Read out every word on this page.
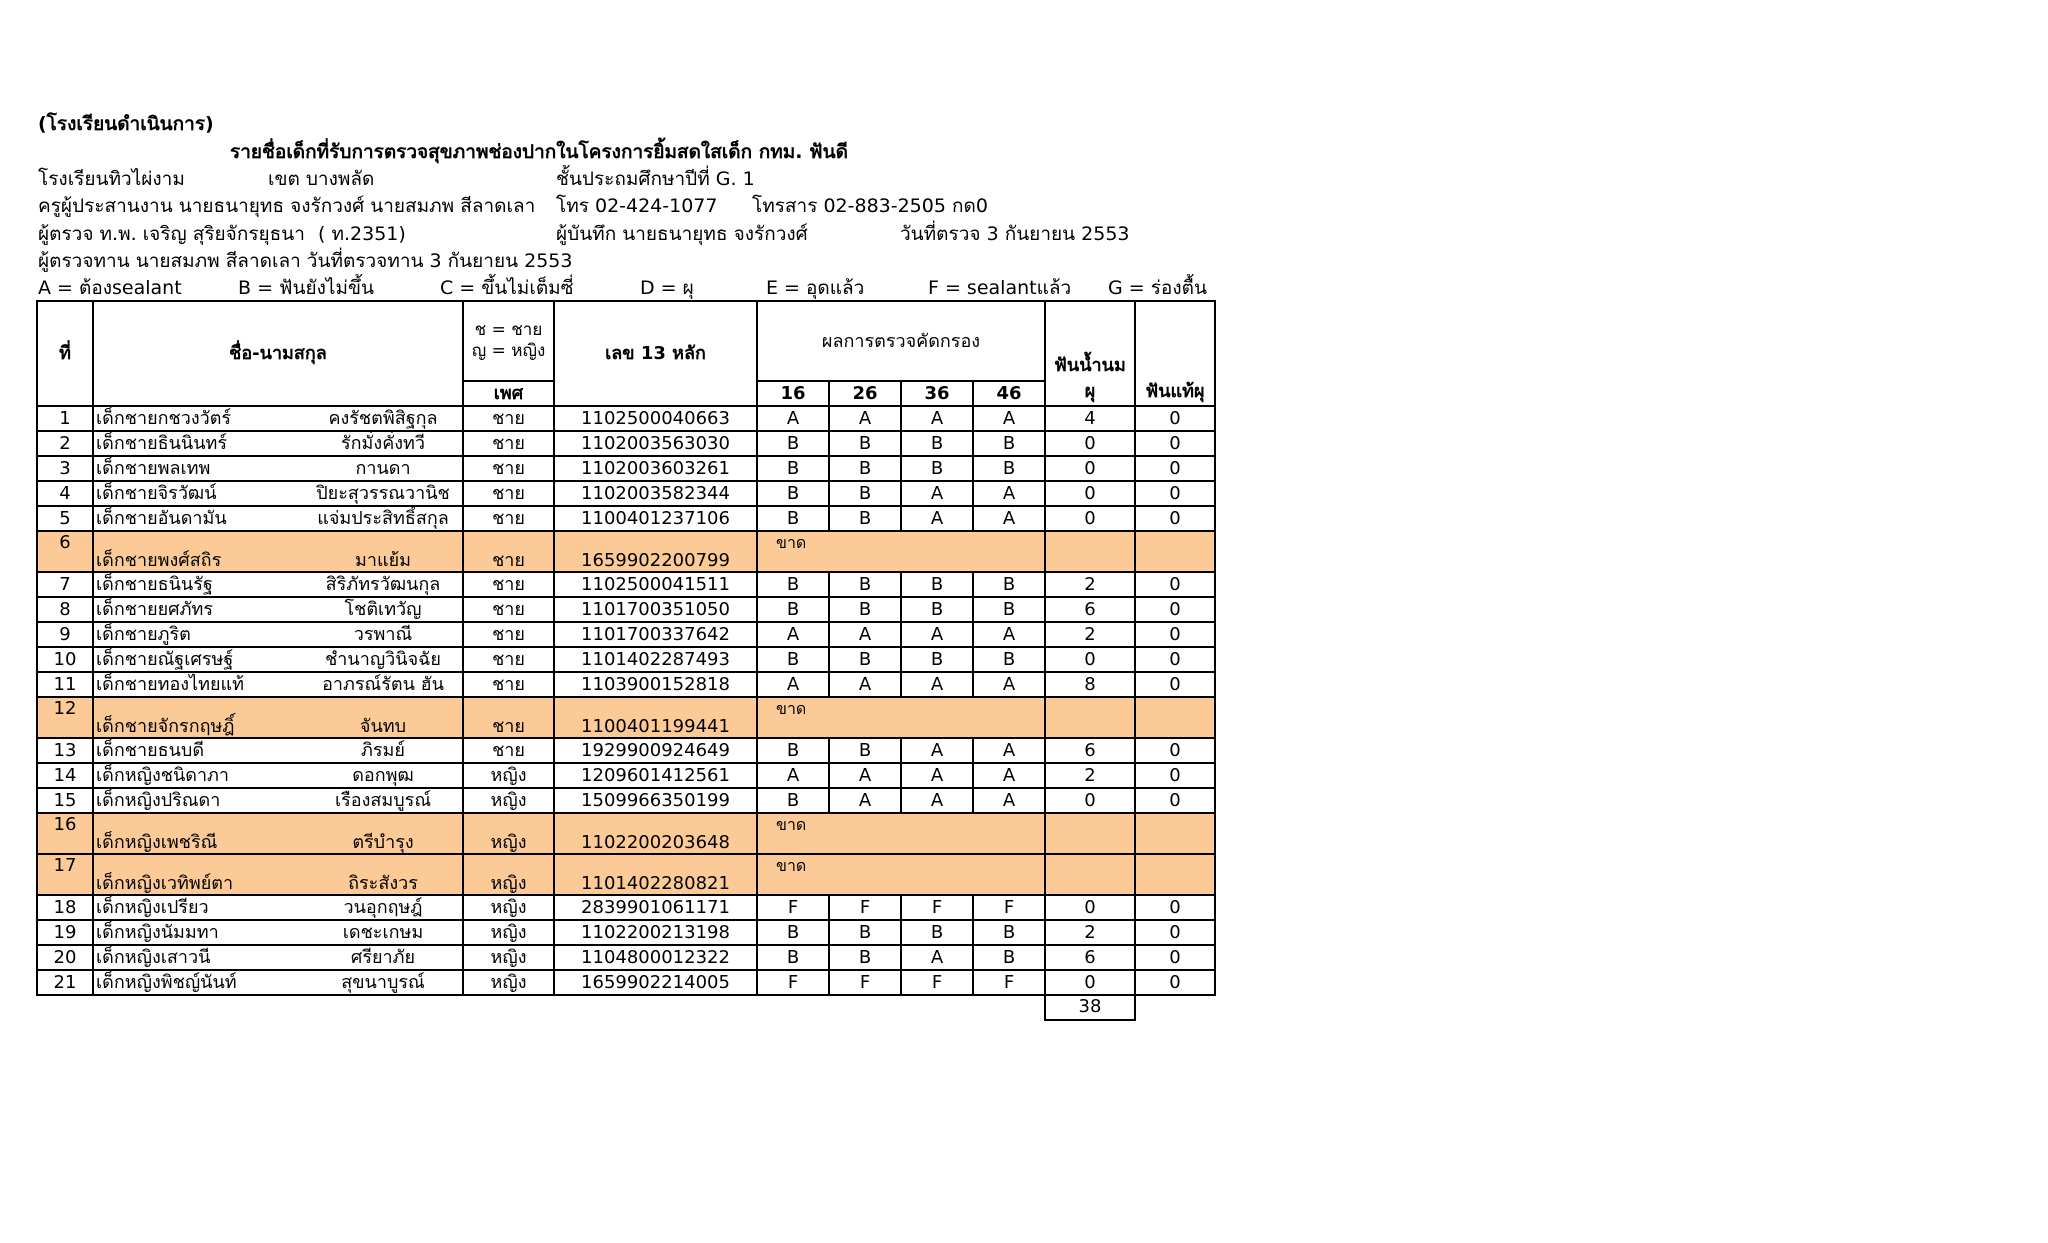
(โรงเรียนดำเนินการ)
รายชื่อเด็กที่รับการตรวจสุขภาพช่องปากในโครงการยิ้มสดใสเด็ก กทม. ฟันดี
โรงเรียนทิวไผ่งาม	เขต บางพลัด	ชั้นประถมศึกษาปีที่ G. 1
ครูผู้ประสานงาน นายธนายุทธ จงรักวงศ์ นายสมภพ สีลาดเลา โทร 02-424-1077 โทรสาร 02-883-2505 กด0
ผู้ตรวจ ท.พ. เจริญ สุริยจักรยุธนา ( ท.2351)	ผู้บันทึก นายธนายุทธ จงรักวงศ์	วันที่ตรวจ 3 กันยายน 2553
ผู้ตรวจทาน นายสมภพ สีลาดเลา วันที่ตรวจทาน 3 กันยายน 2553
A = ต้องsealant	B = ฟันยังไม่ขึ้น	C = ขึ้นไม่เต็มซี่	D = ผุ	E = อุดแล้ว	F = sealantแล้ว G = ร่องตื้น
ที่	ชื่อ-นามสกุล	ช = ชาย ญ = หญิง	เลข 13 หลัก	ผลการตรวจคัดกรอง				ฟันน้ำนมผุ	ฟันแท้ผุ
		เพศ		16	26	36	46		
1	เด็กชายกชวงวัตร์ คงรัชตพิสิฐกุล	ชาย	1102500040663	A	A	A	A	4	0
2	เด็กชายธินนินทร์ รักมั่งคั่งทวี	ชาย	1102003563030	B	B	B	B	0	0
3	เด็กชายพลเทพ กานดา	ชาย	1102003603261	B	B	B	B	0	0
4	เด็กชายจิรวัฒน์ ปิยะสุวรรณวานิช	ชาย	1102003582344	B	B	A	A	0	0
5	เด็กชายอันดามัน แจ่มประสิทธิ์สกุล	ชาย	1100401237106	B	B	A	A	0	0
6	เด็กชายพงศ์สถิร มาแย้ม	ชาย	1659902200799	ขาด					
7	เด็กชายธนินรัฐ สิริภัทรวัฒนกุล	ชาย	1102500041511	B	B	B	B	2	0
8	เด็กชายยศภัทร โชติเทวัญ	ชาย	1101700351050	B	B	B	B	6	0
9	เด็กชายภูริต วรพาณี	ชาย	1101700337642	A	A	A	A	2	0
10	เด็กชายณัฐเศรษฐ์ ชำนาญวินิจฉัย	ชาย	1101402287493	B	B	B	B	0	0
11	เด็กชายทองไทยแท้ อาภรณ์รัตน ฮัน	ชาย	1103900152818	A	A	A	A	8	0
12	เด็กชายจักรกฤษฎิ์ จันทบ	ชาย	1100401199441	ขาด					
13	เด็กชายธนบดี ภิรมย์	ชาย	1929900924649	B	B	A	A	6	0
14	เด็กหญิงชนิดาภา ดอกพุฒ	หญิง	1209601412561	A	A	A	A	2	0
15	เด็กหญิงปริณดา เรืองสมบูรณ์	หญิง	1509966350199	B	A	A	A	0	0
16	เด็กหญิงเพชริณี ตรีบำรุง	หญิง	1102200203648	ขาด					
17	เด็กหญิงเวทิพย์ตา ถิระสังวร	หญิง	1101402280821	ขาด					
18	เด็กหญิงเปรียว วนอุกฤษฎ์	หญิง	2839901061171	F	F	F	F	0	0
19	เด็กหญิงนัมมทา เดชะเกษม	หญิง	1102200213198	B	B	B	B	2	0
20	เด็กหญิงเสาวนี ศรียาภัย	หญิง	1104800012322	B	B	A	B	6	0
21	เด็กหญิงพิชญ์นันท์ สุขนาบูรณ์	หญิง	1659902214005	F	F	F	F	0	0
38
